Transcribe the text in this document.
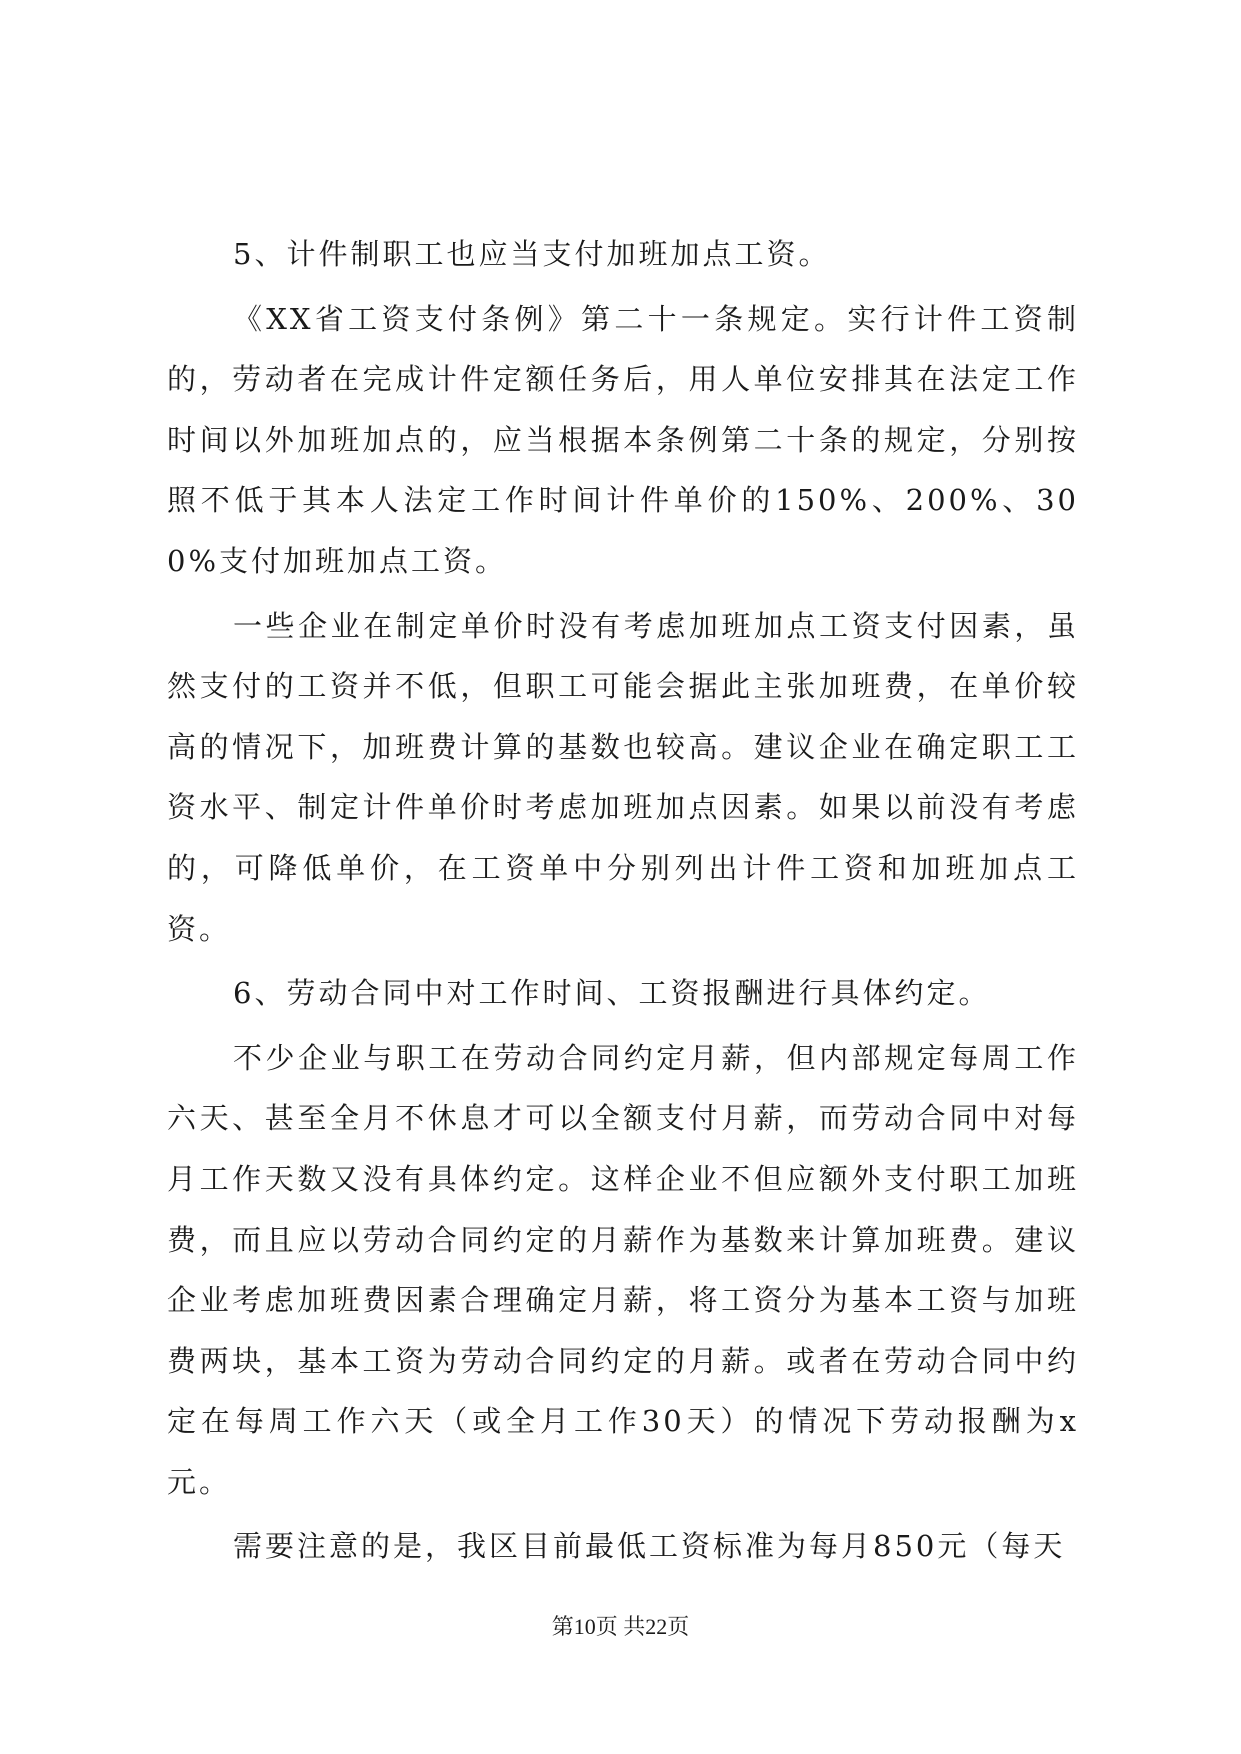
5、计件制职工也应当支付加班加点工资。

《XX省工资支付条例》第二十一条规定。实行计件工资制的，劳动者在完成计件定额任务后，用人单位安排其在法定工作时间以外加班加点的，应当根据本条例第二十条的规定，分别按照不低于其本人法定工作时间计件单价的150%、200%、300%支付加班加点工资。

一些企业在制定单价时没有考虑加班加点工资支付因素，虽然支付的工资并不低，但职工可能会据此主张加班费，在单价较高的情况下，加班费计算的基数也较高。建议企业在确定职工工资水平、制定计件单价时考虑加班加点因素。如果以前没有考虑的，可降低单价，在工资单中分别列出计件工资和加班加点工资。

6、劳动合同中对工作时间、工资报酬进行具体约定。

不少企业与职工在劳动合同约定月薪，但内部规定每周工作六天、甚至全月不休息才可以全额支付月薪，而劳动合同中对每月工作天数又没有具体约定。这样企业不但应额外支付职工加班费，而且应以劳动合同约定的月薪作为基数来计算加班费。建议企业考虑加班费因素合理确定月薪，将工资分为基本工资与加班费两块，基本工资为劳动合同约定的月薪。或者在劳动合同中约定在每周工作六天（或全月工作30天）的情况下劳动报酬为x元。

需要注意的是，我区目前最低工资标准为每月850元（每天

第10页 共22页
